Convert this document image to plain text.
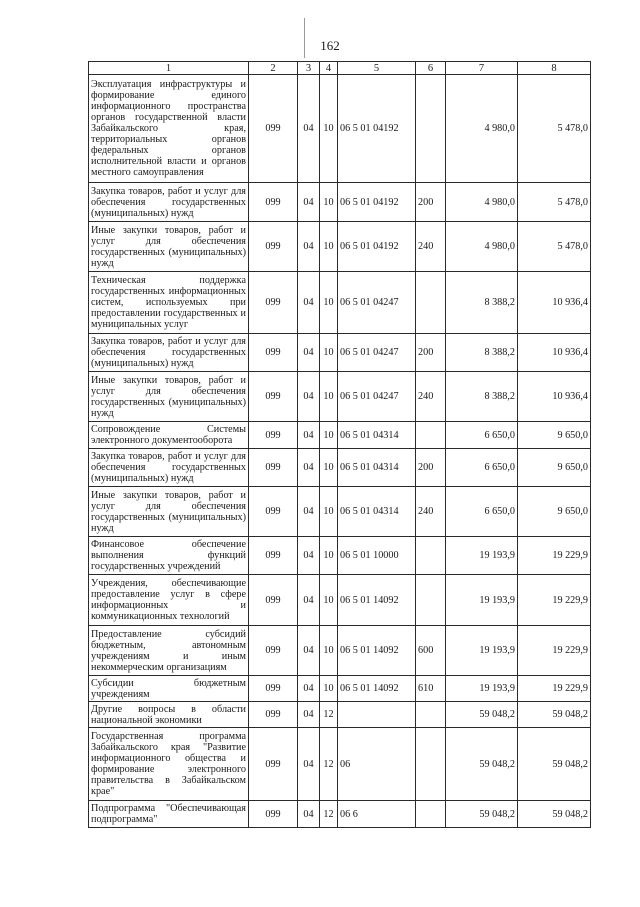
162
1	2	3	4	5	6	7	8
Эксплуатация инфраструктуры и формирование единого информационного пространства органов государственной власти Забайкальского края, территориальных органов федеральных органов исполнительной власти и органов местного самоуправления	099	04	10	06 5 01 04192		4 980,0	5 478,0
Закупка товаров, работ и услуг для обеспечения государственных (муниципальных) нужд	099	04	10	06 5 01 04192	200	4 980,0	5 478,0
Иные закупки товаров, работ и услуг для обеспечения государственных (муниципальных) нужд	099	04	10	06 5 01 04192	240	4 980,0	5 478,0
Техническая поддержка государственных информационных систем, используемых при предоставлении государственных и муниципальных услуг	099	04	10	06 5 01 04247		8 388,2	10 936,4
Закупка товаров, работ и услуг для обеспечения государственных (муниципальных) нужд	099	04	10	06 5 01 04247	200	8 388,2	10 936,4
Иные закупки товаров, работ и услуг для обеспечения государственных (муниципальных) нужд	099	04	10	06 5 01 04247	240	8 388,2	10 936,4
Сопровождение Системы электронного документооборота	099	04	10	06 5 01 04314		6 650,0	9 650,0
Закупка товаров, работ и услуг для обеспечения государственных (муниципальных) нужд	099	04	10	06 5 01 04314	200	6 650,0	9 650,0
Иные закупки товаров, работ и услуг для обеспечения государственных (муниципальных) нужд	099	04	10	06 5 01 04314	240	6 650,0	9 650,0
Финансовое обеспечение выполнения функций государственных учреждений	099	04	10	06 5 01 10000		19 193,9	19 229,9
Учреждения, обеспечивающие предоставление услуг в сфере информационных и коммуникационных технологий	099	04	10	06 5 01 14092		19 193,9	19 229,9
Предоставление субсидий бюджетным, автономным учреждениям и иным некоммерческим организациям	099	04	10	06 5 01 14092	600	19 193,9	19 229,9
Субсидии бюджетным учреждениям	099	04	10	06 5 01 14092	610	19 193,9	19 229,9
Другие вопросы в области национальной экономики	099	04	12			59 048,2	59 048,2
Государственная программа Забайкальского края "Развитие информационного общества и формирование электронного правительства в Забайкальском крае"	099	04	12	06		59 048,2	59 048,2
Подпрограмма "Обеспечивающая подпрограмма"	099	04	12	06 6		59 048,2	59 048,2
